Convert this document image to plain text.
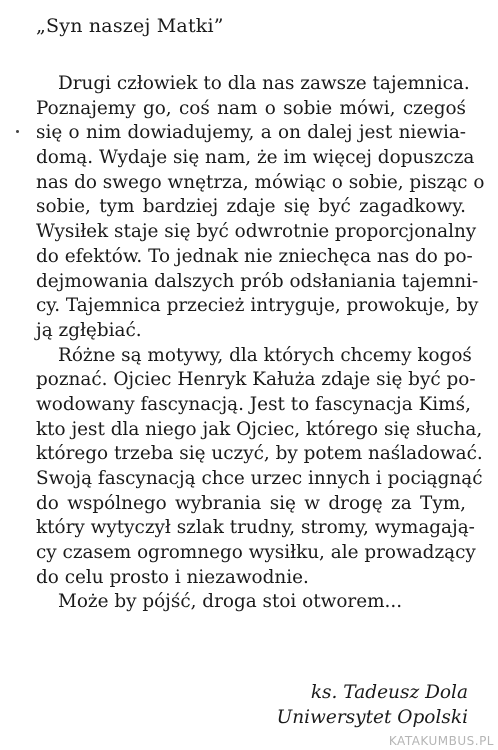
„Syn naszej Matki”
Drugi człowiek to dla nas zawsze tajemnica.
Poznajemy go, coś nam o sobie mówi, czegoś
się o nim dowiadujemy, a on dalej jest niewia-
domą. Wydaje się nam, że im więcej dopuszcza
nas do swego wnętrza, mówiąc o sobie, pisząc o
sobie, tym bardziej zdaje się być zagadkowy.
Wysiłek staje się być odwrotnie proporcjonalny
do efektów. To jednak nie zniechęca nas do po-
dejmowania dalszych prób odsłaniania tajemni-
cy. Tajemnica przecież intryguje, prowokuje, by
ją zgłębiać.
Różne są motywy, dla których chcemy kogoś
poznać. Ojciec Henryk Kałuża zdaje się być po-
wodowany fascynacją. Jest to fascynacja Kimś,
kto jest dla niego jak Ojciec, którego się słucha,
którego trzeba się uczyć, by potem naśladować.
Swoją fascynacją chce urzec innych i pociągnąć
do wspólnego wybrania się w drogę za Tym,
który wytyczył szlak trudny, stromy, wymagają-
cy czasem ogromnego wysiłku, ale prowadzący
do celu prosto i niezawodnie.
Może by pójść, droga stoi otworem...
ks. Tadeusz Dola
Uniwersytet Opolski
KATAKUMBUS.PL
